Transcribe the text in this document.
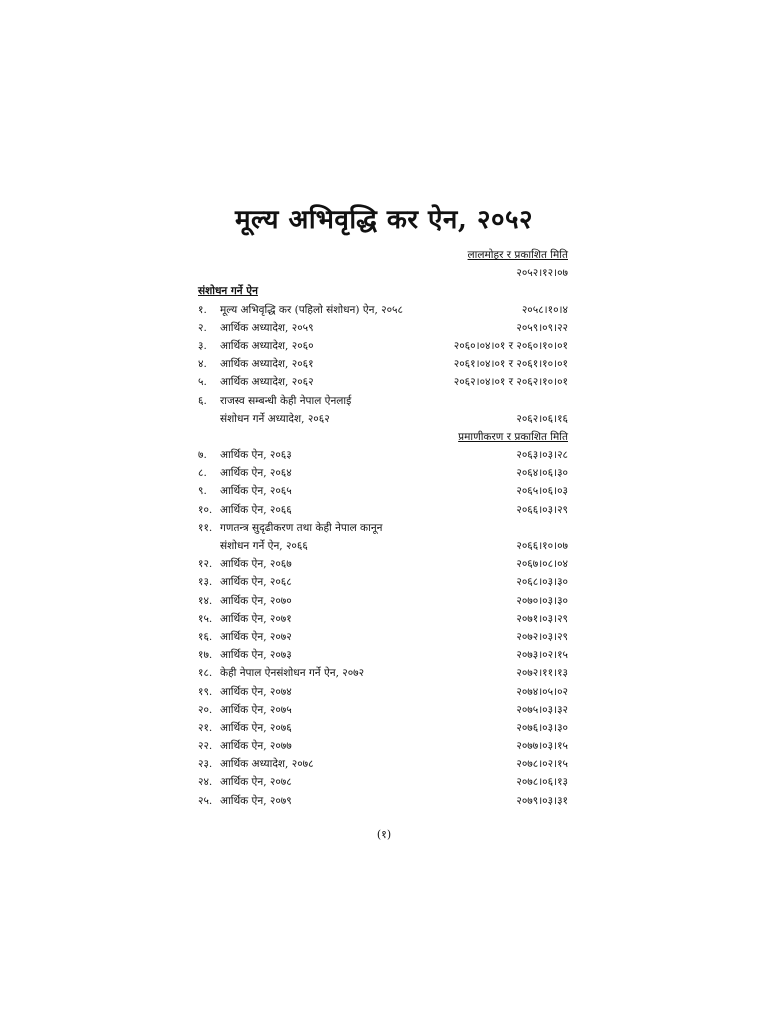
मूल्य अभिवृद्धि कर ऐन, २०५२
लालमोहर र प्रकाशित मिति
२०५२।१२।०७
संशोधन गर्ने ऐन
१. मूल्य अभिवृद्धि कर (पहिलो संशोधन) ऐन, २०५८	२०५८।१०।४
२. आर्थिक अध्यादेश, २०५९	२०५९।०९।२२
३. आर्थिक अध्यादेश, २०६०	२०६०।०४।०१ र २०६०।१०।०१
४. आर्थिक अध्यादेश, २०६१	२०६१।०४।०१ र २०६१।१०।०१
५. आर्थिक अध्यादेश, २०६२	२०६२।०४।०१ र २०६२।१०।०१
६. राजस्व सम्बन्धी केही नेपाल ऐनलाई
संशोधन गर्ने अध्यादेश, २०६२	२०६२।०६।१६
प्रमाणीकरण र प्रकाशित मिति
७. आर्थिक ऐन, २०६३	२०६३।०३।२८
८. आर्थिक ऐन, २०६४	२०६४।०६।३०
९. आर्थिक ऐन, २०६५	२०६५।०६।०३
१०. आर्थिक ऐन, २०६६	२०६६।०३।२९
११. गणतन्त्र सुदृढीकरण तथा केही नेपाल कानून
संशोधन गर्ने ऐन, २०६६	२०६६।१०।०७
१२. आर्थिक ऐन, २०६७	२०६७।०८।०४
१३. आर्थिक ऐन, २०६८	२०६८।०३।३०
१४. आर्थिक ऐन, २०७०	२०७०।०३।३०
१५. आर्थिक ऐन, २०७१	२०७१।०३।२९
१६. आर्थिक ऐन, २०७२	२०७२।०३।२९
१७. आर्थिक ऐन, २०७३	२०७३।०२।१५
१८. केही नेपाल ऐनसंशोधन गर्ने ऐन, २०७२	२०७२।११।१३
१९. आर्थिक ऐन, २०७४	२०७४।०५।०२
२०. आर्थिक ऐन, २०७५	२०७५।०३।३२
२१. आर्थिक ऐन, २०७६	२०७६।०३।३०
२२. आर्थिक ऐन, २०७७	२०७७।०३।१५
२३. आर्थिक अध्यादेश, २०७८	२०७८।०२।१५
२४. आर्थिक ऐन, २०७८	२०७८।०६।१३
२५. आर्थिक ऐन, २०७९	२०७९।०३।३१
(१)
